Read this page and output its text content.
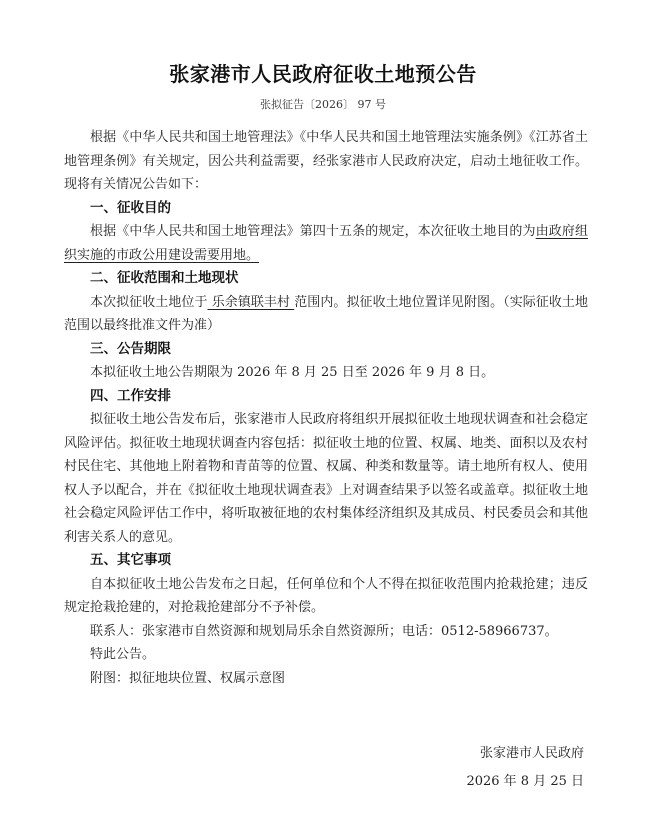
张家港市人民政府征收土地预公告
张拟征告〔2026〕 97 号

根据《中华人民共和国土地管理法》《中华人民共和国土地管理法实施条例》《江苏省土地管理条例》有关规定，因公共利益需要，经张家港市人民政府决定，启动土地征收工作。现将有关情况公告如下：

一、征收目的

根据《中华人民共和国土地管理法》第四十五条的规定，本次征收土地目的为由政府组织实施的市政公用建设需要用地。

二、征收范围和土地现状

本次拟征收土地位于 乐余镇联丰村 范围内。拟征收土地位置详见附图。（实际征收土地范围以最终批准文件为准）

三、公告期限

本拟征收土地公告期限为 2026 年 8 月 25 日至 2026 年 9 月 8 日。

四、工作安排

拟征收土地公告发布后，张家港市人民政府将组织开展拟征收土地现状调查和社会稳定风险评估。拟征收土地现状调查内容包括：拟征收土地的位置、权属、地类、面积以及农村村民住宅、其他地上附着物和青苗等的位置、权属、种类和数量等。请土地所有权人、使用权人予以配合，并在《拟征收土地现状调查表》上对调查结果予以签名或盖章。拟征收土地社会稳定风险评估工作中，将听取被征地的农村集体经济组织及其成员、村民委员会和其他利害关系人的意见。

五、其它事项

自本拟征收土地公告发布之日起，任何单位和个人不得在拟征收范围内抢栽抢建；违反规定抢栽抢建的，对抢栽抢建部分不予补偿。

联系人：张家港市自然资源和规划局乐余自然资源所；电话：0512-58966737。

特此公告。

附图：拟征地块位置、权属示意图

张家港市人民政府
2026 年 8 月 25 日
